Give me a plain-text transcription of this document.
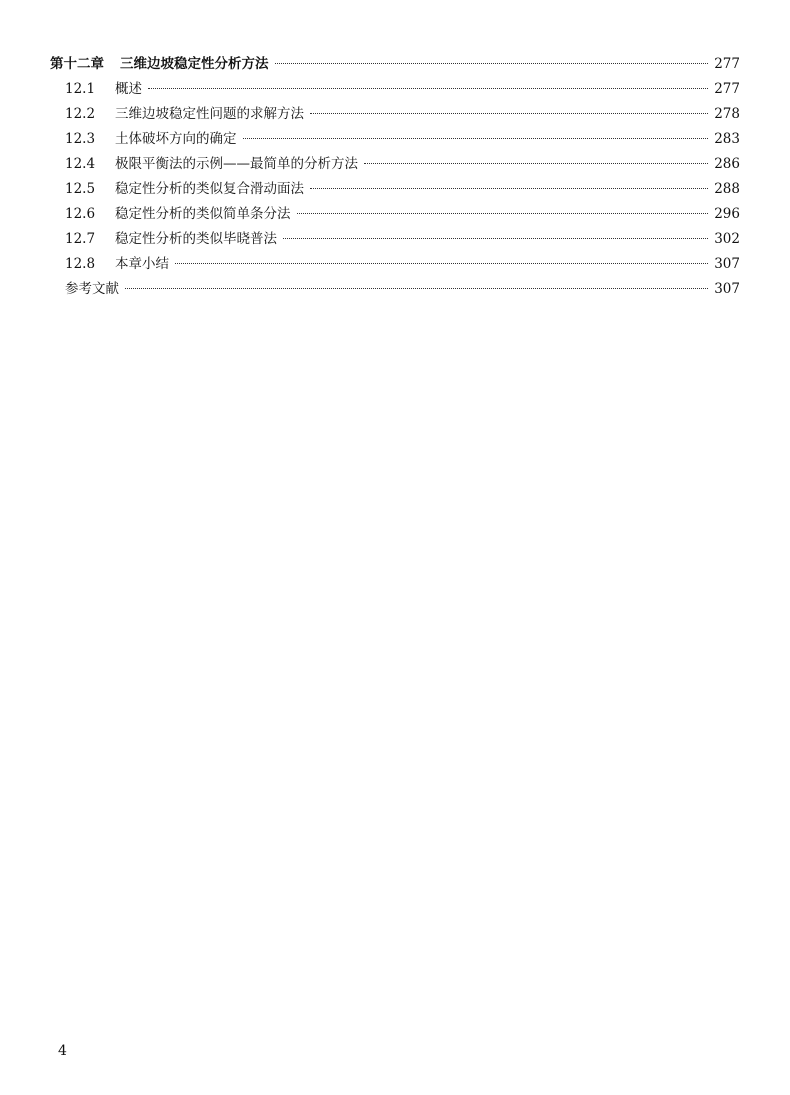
第十二章 三维边坡稳定性分析方法	277
12.1	概述	277
12.2	三维边坡稳定性问题的求解方法	278
12.3	土体破坏方向的确定	283
12.4	极限平衡法的示例——最简单的分析方法	286
12.5	稳定性分析的类似复合滑动面法	288
12.6	稳定性分析的类似简单条分法	296
12.7	稳定性分析的类似毕晓普法	302
12.8	本章小结	307
参考文献	307
4
